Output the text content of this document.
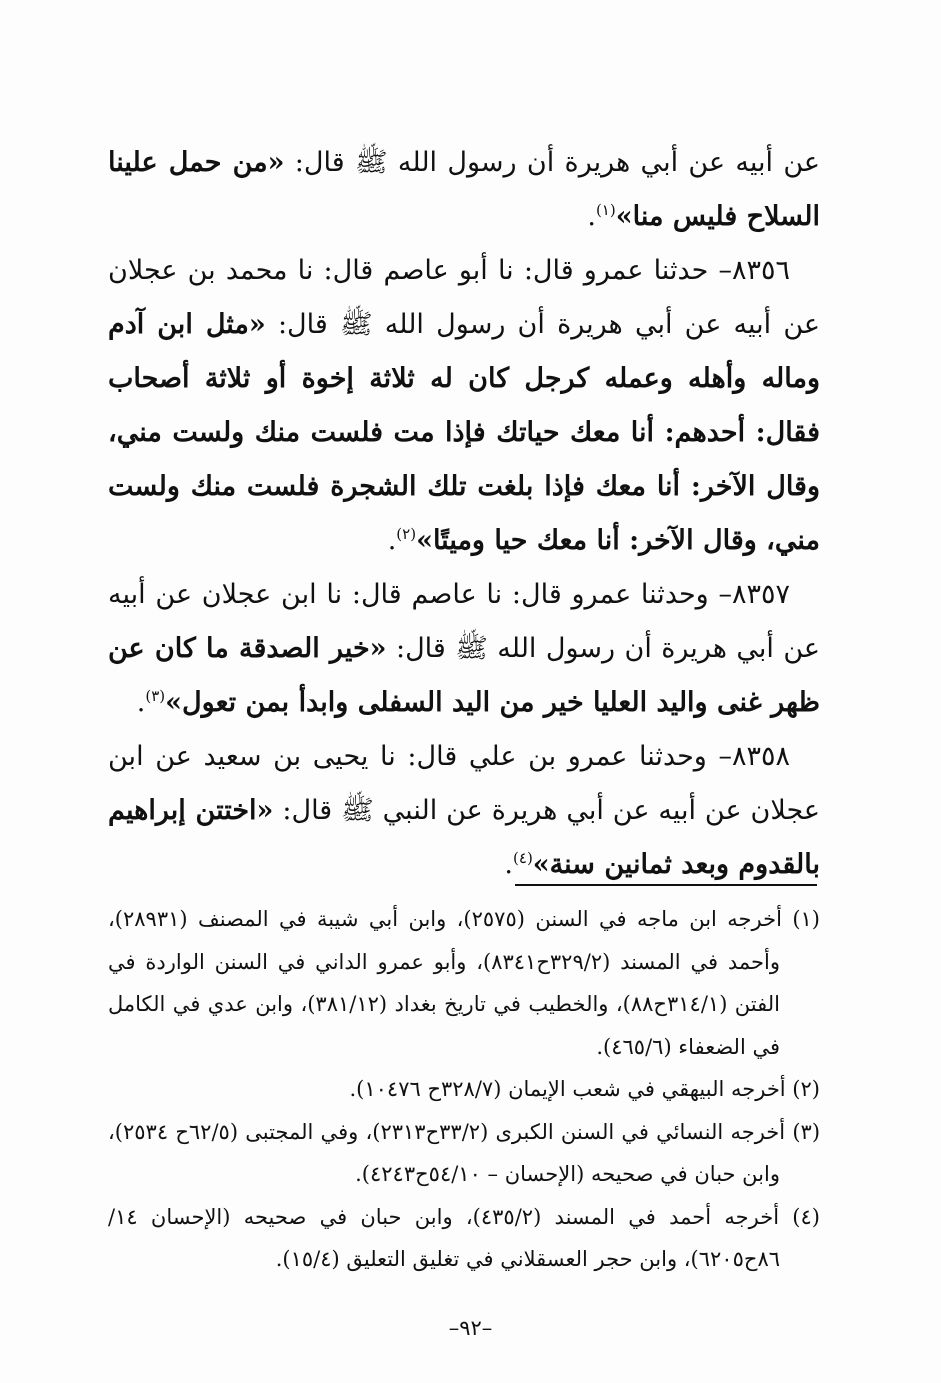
عن أبيه عن أبي هريرة أن رسول الله ﷺ قال: «من حمل علينا السلاح فليس منا»$^{(١)}$.

٨٣٥٦– حدثنا عمرو قال: نا أبو عاصم قال: نا محمد بن عجلان عن أبيه عن أبي هريرة أن رسول الله ﷺ قال: «مثل ابن آدم وماله وأهله وعمله كرجل كان له ثلاثة إخوة أو ثلاثة أصحاب فقال: أحدهم: أنا معك حياتك فإذا مت فلست منك ولست مني، وقال الآخر: أنا معك فإذا بلغت تلك الشجرة فلست منك ولست مني، وقال الآخر: أنا معك حيا وميتًا»$^{(٢)}$.

٨٣٥٧– وحدثنا عمرو قال: نا عاصم قال: نا ابن عجلان عن أبيه عن أبي هريرة أن رسول الله ﷺ قال: «خير الصدقة ما كان عن ظهر غنى واليد العليا خير من اليد السفلى وابدأ بمن تعول»$^{(٣)}$.

٨٣٥٨– وحدثنا عمرو بن علي قال: نا يحيى بن سعيد عن ابن عجلان عن أبيه عن أبي هريرة عن النبي ﷺ قال: «اختتن إبراهيم بالقدوم وبعد ثمانين سنة»$^{(٤)}$.

(١) أخرجه ابن ماجه في السنن (٢٥٧٥)، وابن أبي شيبة في المصنف (٢٨٩٣١)، وأحمد في المسند (٣٢٩/٢ح٨٣٤١)، وأبو عمرو الداني في السنن الواردة في الفتن (٣١٤/١ح٨٨)، والخطيب في تاريخ بغداد (٣٨١/١٢)، وابن عدي في الكامل في الضعفاء (٤٦٥/٦).

(٢) أخرجه البيهقي في شعب الإيمان (٣٢٨/٧ح ١٠٤٧٦).

(٣) أخرجه النسائي في السنن الكبرى (٣٣/٢ح٢٣١٣)، وفي المجتبى (٦٢/٥ح ٢٥٣٤)، وابن حبان في صحيحه (الإحسان – ٥٤/١٠ح٤٢٤٣).

(٤) أخرجه أحمد في المسند (٤٣٥/٢)، وابن حبان في صحيحه (الإحسان ١٤/ ٨٦ح٦٢٠٥)، وابن حجر العسقلاني في تغليق التعليق (١٥/٤).

–٩٢–
